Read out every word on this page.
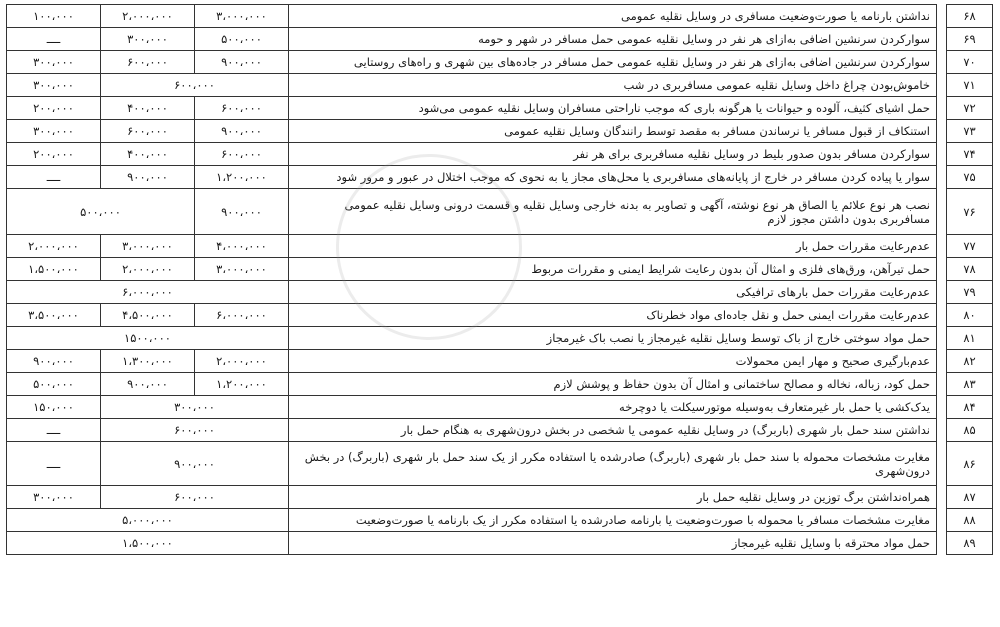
۶۸		نداشتن بارنامه یا صورت‌وضعیت مسافری در وسایل نقلیه عمومی	۳،۰۰۰،۰۰۰	۲،۰۰۰،۰۰۰	۱۰۰،۰۰۰
۶۹		سوارکردن سرنشین اضافی به‌ازای هر نفر در وسایل نقلیه عمومی حمل مسافر در شهر و حومه	۵۰۰،۰۰۰	۳۰۰،۰۰۰	ــــ
۷۰		سوارکردن سرنشین اضافی به‌ازای هر نفر در وسایل نقلیه عمومی حمل مسافر در جاده‌های بین شهری و راه‌های روستایی	۹۰۰،۰۰۰	۶۰۰،۰۰۰	۳۰۰،۰۰۰
۷۱		خاموش‌بودن چراغ داخل وسایل نقلیه عمومی مسافربری در شب	۶۰۰،۰۰۰		۳۰۰،۰۰۰
۷۲		حمل اشیای کثیف، آلوده و حیوانات یا هرگونه باری که موجب ناراحتی مسافران وسایل نقلیه عمومی می‌شود	۶۰۰،۰۰۰	۴۰۰،۰۰۰	۲۰۰،۰۰۰
۷۳		استنکاف از قبول مسافر یا نرساندن مسافر به مقصد توسط رانندگان وسایل نقلیه عمومی	۹۰۰،۰۰۰	۶۰۰،۰۰۰	۳۰۰،۰۰۰
۷۴		سوارکردن مسافر بدون صدور بلیط در وسایل نقلیه مسافربری برای هر نفر	۶۰۰،۰۰۰	۴۰۰،۰۰۰	۲۰۰،۰۰۰
۷۵		سوار یا پیاده کردن مسافر در خارج از پایانه‌های مسافربری یا محل‌های مجاز یا به نحوی که موجب اختلال در عبور و مرور شود	۱،۲۰۰،۰۰۰	۹۰۰،۰۰۰	ــــ
۷۶		نصب هر نوع علائم یا الصاق هر نوع نوشته، آگهی و تصاویر به بدنه خارجی وسایل نقلیه و قسمت درونی وسایل نقلیه عمومی مسافربری بدون داشتن مجوز لازم	۹۰۰،۰۰۰	۵۰۰،۰۰۰	
۷۷		عدم‌رعایت مقررات حمل بار	۴،۰۰۰،۰۰۰	۳،۰۰۰،۰۰۰	۲،۰۰۰،۰۰۰
۷۸		حمل تیرآهن، ورق‌های فلزی و امثال آن بدون رعایت شرایط ایمنی و مقررات مربوط	۳،۰۰۰،۰۰۰	۲،۰۰۰،۰۰۰	۱،۵۰۰،۰۰۰
۷۹		عدم‌رعایت مقررات حمل بارهای ترافیکی	۶،۰۰۰،۰۰۰		
۸۰		عدم‌رعایت مقررات ایمنی حمل و نقل جاده‌ای مواد خطرناک	۶،۰۰۰،۰۰۰	۴،۵۰۰،۰۰۰	۳،۵۰۰،۰۰۰
۸۱		حمل مواد سوختی خارج از باک توسط وسایل نقلیه غیرمجاز یا نصب باک غیرمجاز	۱۵۰۰،۰۰۰		
۸۲		عدم‌بارگیری صحیح و مهار ایمن محمولات	۲،۰۰۰،۰۰۰	۱،۳۰۰،۰۰۰	۹۰۰،۰۰۰
۸۳		حمل کود، زباله، نخاله و مصالح ساختمانی و امثال آن بدون حفاظ و پوشش لازم	۱،۲۰۰،۰۰۰	۹۰۰،۰۰۰	۵۰۰،۰۰۰
۸۴		یدک‌کشی یا حمل بار غیرمتعارف به‌وسیله موتورسیکلت یا دوچرخه	۳۰۰،۰۰۰		۱۵۰،۰۰۰
۸۵		نداشتن سند حمل بار شهری (باربرگ) در وسایل نقلیه عمومی یا شخصی در بخش درون‌شهری به هنگام حمل بار	۶۰۰،۰۰۰		ــــ
۸۶		مغایرت مشخصات محموله با سند حمل بار شهری (باربرگ) صادرشده یا استفاده مکرر از یک سند حمل بار شهری (باربرگ) در بخش درون‌شهری	۹۰۰،۰۰۰		ــــ
۸۷		همراه‌نداشتن برگ توزین در وسایل نقلیه حمل بار	۶۰۰،۰۰۰		۳۰۰،۰۰۰
۸۸		مغایرت مشخصات مسافر یا محموله با صورت‌وضعیت یا بارنامه صادرشده یا استفاده مکرر از یک بارنامه یا صورت‌وضعیت	۵،۰۰۰،۰۰۰		
۸۹		حمل مواد محترقه با وسایل نقلیه غیرمجاز	۱،۵۰۰،۰۰۰		
